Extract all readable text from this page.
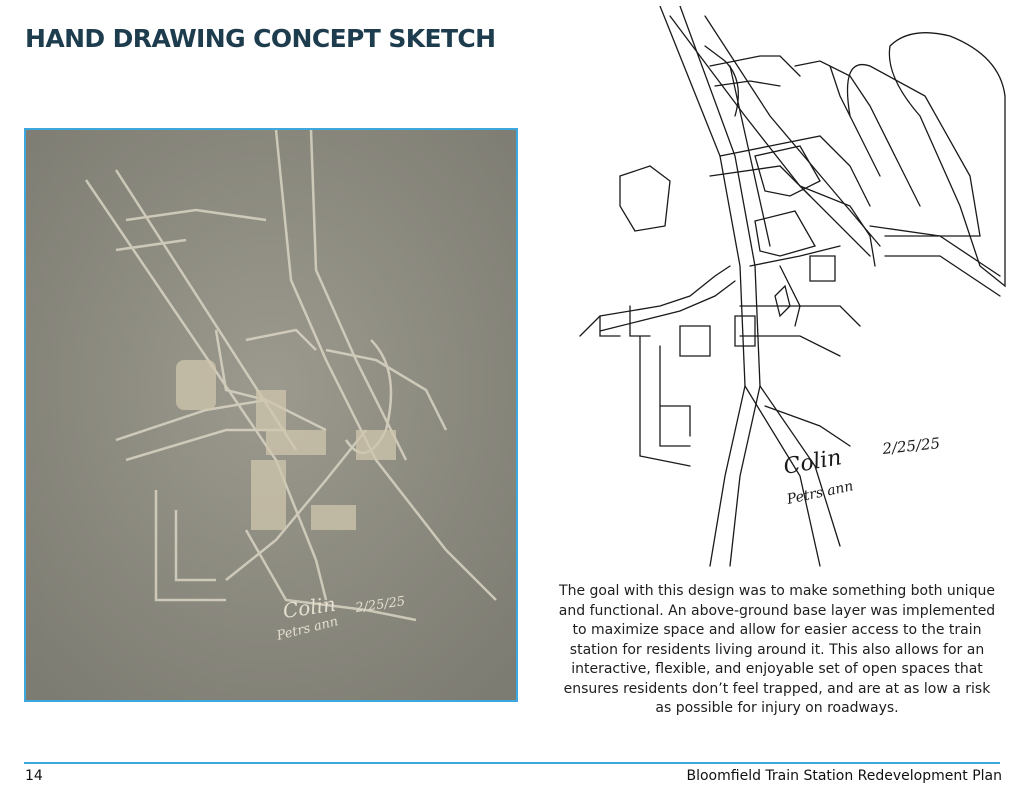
HAND DRAWING CONCEPT SKETCH
Colin 2/25/25
Petrs ann
Colin	2/25/25
Petrs ann

The goal with this design was to make something both unique and functional. An above-ground base layer was implemented to maximize space and allow for easier access to the train station for residents living around it. This also allows for an interactive, flexible, and enjoyable set of open spaces that ensures residents don’t feel trapped, and are at as low a risk as possible for injury on roadways.

14	Bloomfield Train Station Redevelopment Plan
